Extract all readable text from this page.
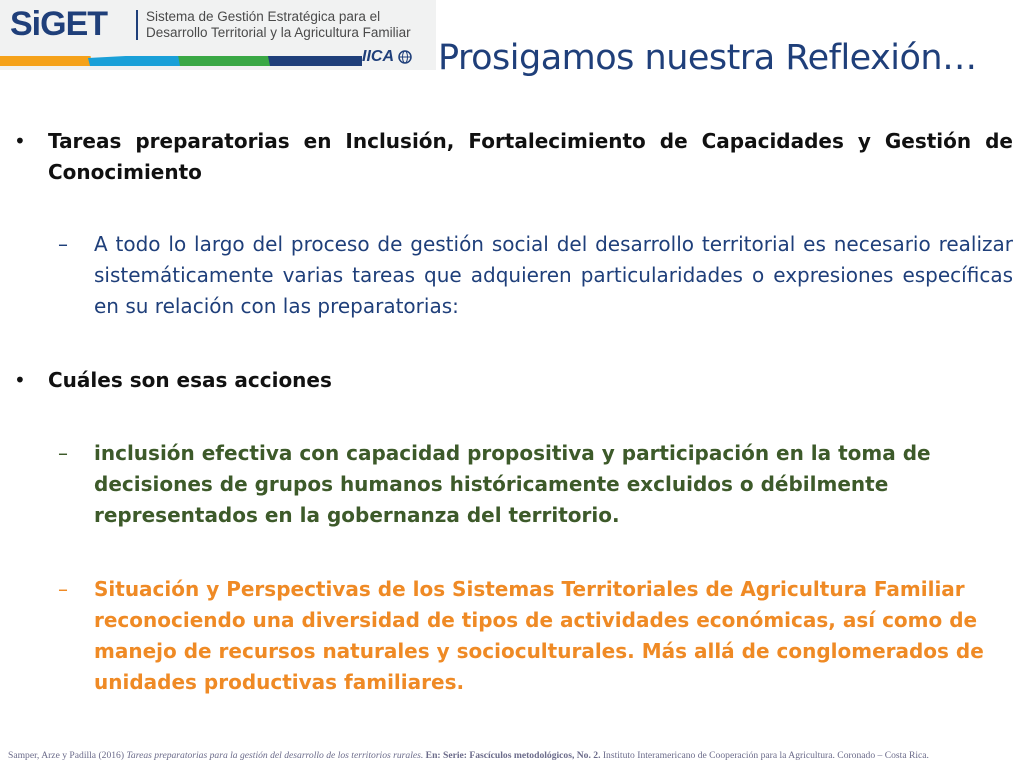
SiGET	Sistema de Gestión Estratégica para el
Desarrollo Territorial y la Agricultura Familiar
IICA	Prosigamos nuestra Reflexión…
• Tareas preparatorias en Inclusión, Fortalecimiento de Capacidades y Gestión de Conocimiento
– A todo lo largo del proceso de gestión social del desarrollo territorial es necesario realizar sistemáticamente varias tareas que adquieren particularidades o expresiones específicas en su relación con las preparatorias:
• Cuáles son esas acciones
– inclusión efectiva con capacidad propositiva y participación en la toma de decisiones de grupos humanos históricamente excluidos o débilmente representados en la gobernanza del territorio.
– Situación y Perspectivas de los Sistemas Territoriales de Agricultura Familiar reconociendo una diversidad de tipos de actividades económicas, así como de manejo de recursos naturales y socioculturales. Más allá de conglomerados de unidades productivas familiares.
Samper, Arze y Padilla (2016) Tareas preparatorias para la gestión del desarrollo de los territorios rurales. En: Serie: Fascículos metodológicos, No. 2. Instituto Interamericano de Cooperación para la Agricultura. Coronado – Costa Rica.
